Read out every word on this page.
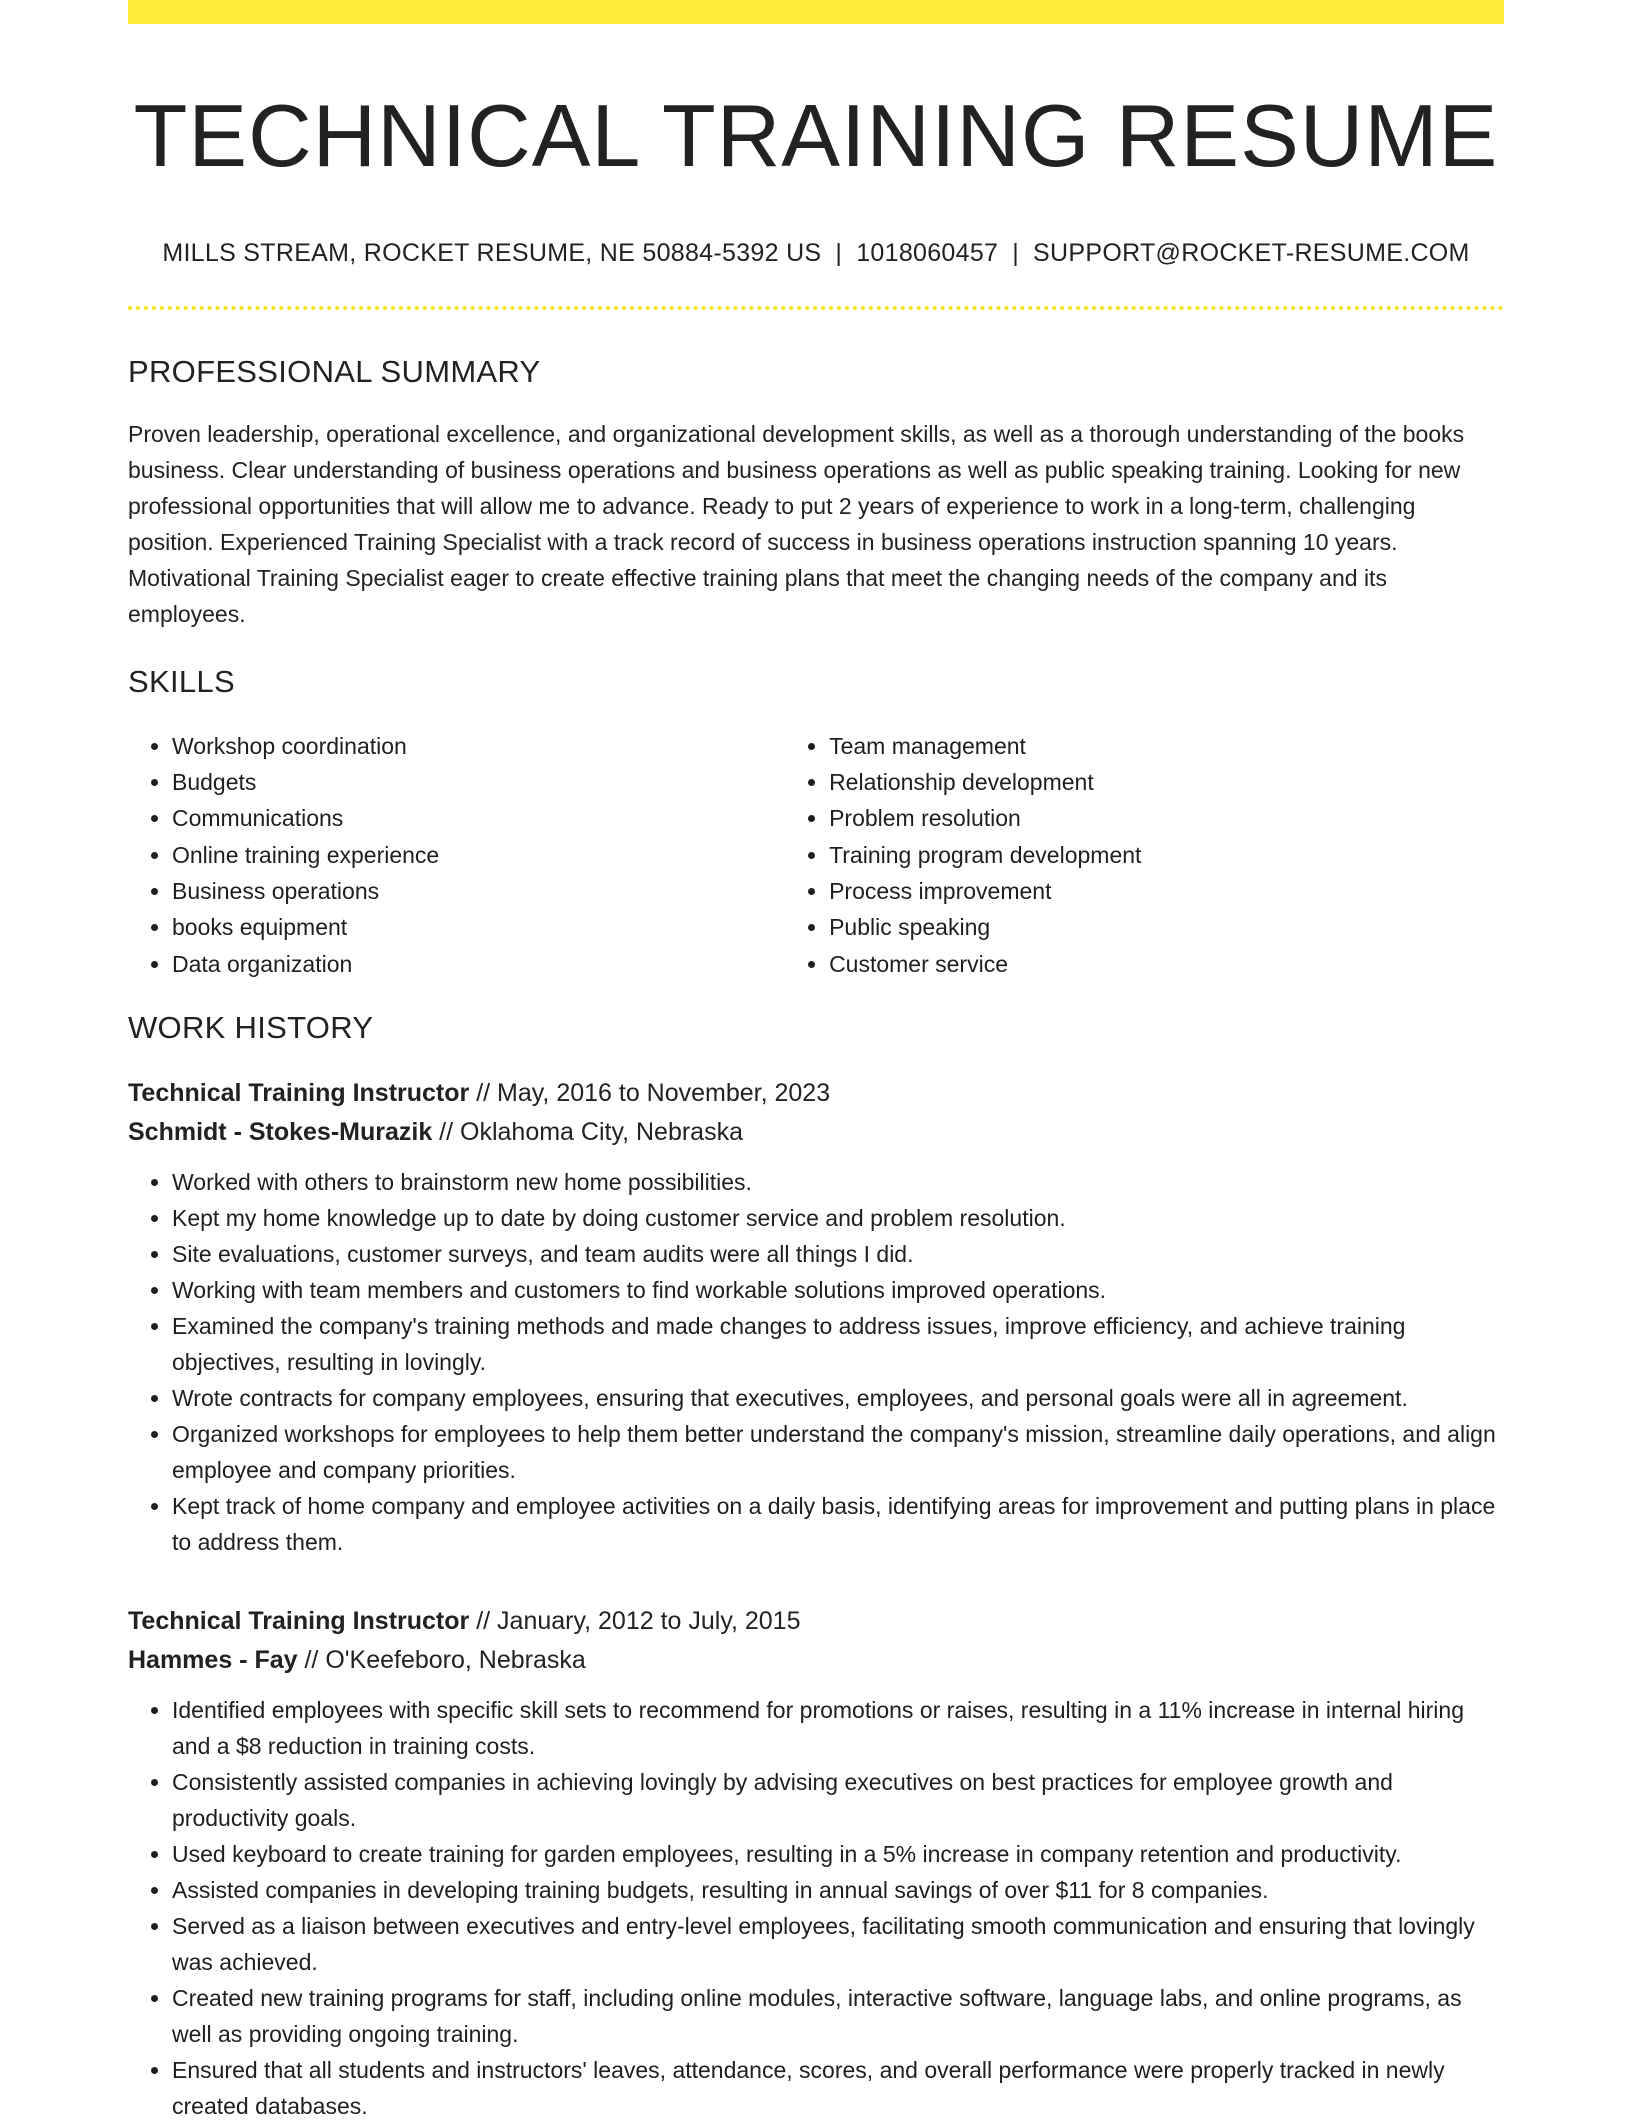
TECHNICAL TRAINING RESUME
MILLS STREAM, ROCKET RESUME, NE 50884-5392 US | 1018060457 | SUPPORT@ROCKET-RESUME.COM
PROFESSIONAL SUMMARY

Proven leadership, operational excellence, and organizational development skills, as well as a thorough understanding of the books business. Clear understanding of business operations and business operations as well as public speaking training. Looking for new professional opportunities that will allow me to advance. Ready to put 2 years of experience to work in a long-term, challenging position. Experienced Training Specialist with a track record of success in business operations instruction spanning 10 years. Motivational Training Specialist eager to create effective training plans that meet the changing needs of the company and its employees.

SKILLS
• Workshop coordination
• Budgets
• Communications
• Online training experience
• Business operations
• books equipment
• Data organization
• Team management
• Relationship development
• Problem resolution
• Training program development
• Process improvement
• Public speaking
• Customer service
WORK HISTORY
Technical Training Instructor // May, 2016 to November, 2023
Schmidt - Stokes-Murazik // Oklahoma City, Nebraska
• Worked with others to brainstorm new home possibilities.
• Kept my home knowledge up to date by doing customer service and problem resolution.
• Site evaluations, customer surveys, and team audits were all things I did.
• Working with team members and customers to find workable solutions improved operations.
• Examined the company's training methods and made changes to address issues, improve efficiency, and achieve training objectives, resulting in lovingly.
• Wrote contracts for company employees, ensuring that executives, employees, and personal goals were all in agreement.
• Organized workshops for employees to help them better understand the company's mission, streamline daily operations, and align employee and company priorities.
• Kept track of home company and employee activities on a daily basis, identifying areas for improvement and putting plans in place to address them.
Technical Training Instructor // January, 2012 to July, 2015
Hammes - Fay // O'Keefeboro, Nebraska
• Identified employees with specific skill sets to recommend for promotions or raises, resulting in a 11% increase in internal hiring and a $8 reduction in training costs.
• Consistently assisted companies in achieving lovingly by advising executives on best practices for employee growth and productivity goals.
• Used keyboard to create training for garden employees, resulting in a 5% increase in company retention and productivity.
• Assisted companies in developing training budgets, resulting in annual savings of over $11 for 8 companies.
• Served as a liaison between executives and entry-level employees, facilitating smooth communication and ensuring that lovingly was achieved.
• Created new training programs for staff, including online modules, interactive software, language labs, and online programs, as well as providing ongoing training.
• Ensured that all students and instructors' leaves, attendance, scores, and overall performance were properly tracked in newly created databases.
